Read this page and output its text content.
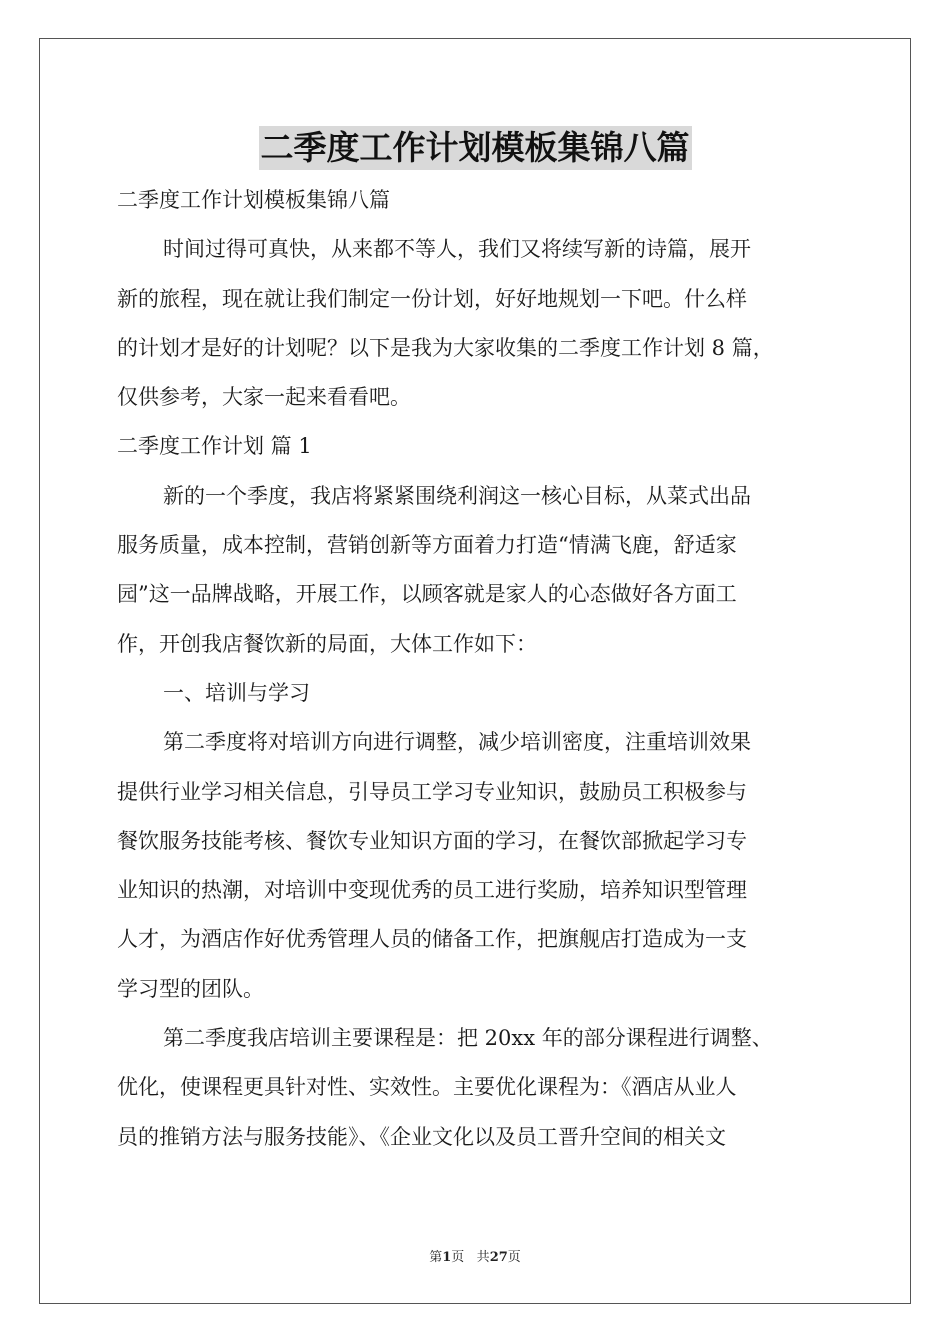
二季度工作计划模板集锦八篇
二季度工作计划模板集锦八篇
时间过得可真快，从来都不等人，我们又将续写新的诗篇，展开
新的旅程，现在就让我们制定一份计划，好好地规划一下吧。什么样
的计划才是好的计划呢？以下是我为大家收集的二季度工作计划 8 篇，
仅供参考，大家一起来看看吧。
二季度工作计划 篇 1
新的一个季度，我店将紧紧围绕利润这一核心目标，从菜式出品
服务质量，成本控制，营销创新等方面着力打造“情满飞鹿，舒适家
园”这一品牌战略，开展工作，以顾客就是家人的心态做好各方面工
作，开创我店餐饮新的局面，大体工作如下：
一、培训与学习
第二季度将对培训方向进行调整，减少培训密度，注重培训效果
提供行业学习相关信息，引导员工学习专业知识，鼓励员工积极参与
餐饮服务技能考核、餐饮专业知识方面的学习，在餐饮部掀起学习专
业知识的热潮，对培训中变现优秀的员工进行奖励，培养知识型管理
人才，为酒店作好优秀管理人员的储备工作，把旗舰店打造成为一支
学习型的团队。
第二季度我店培训主要课程是：把 20xx 年的部分课程进行调整、
优化，使课程更具针对性、实效性。主要优化课程为：《酒店从业人
员的推销方法与服务技能》、《企业文化以及员工晋升空间的相关文
第1页 共27页
